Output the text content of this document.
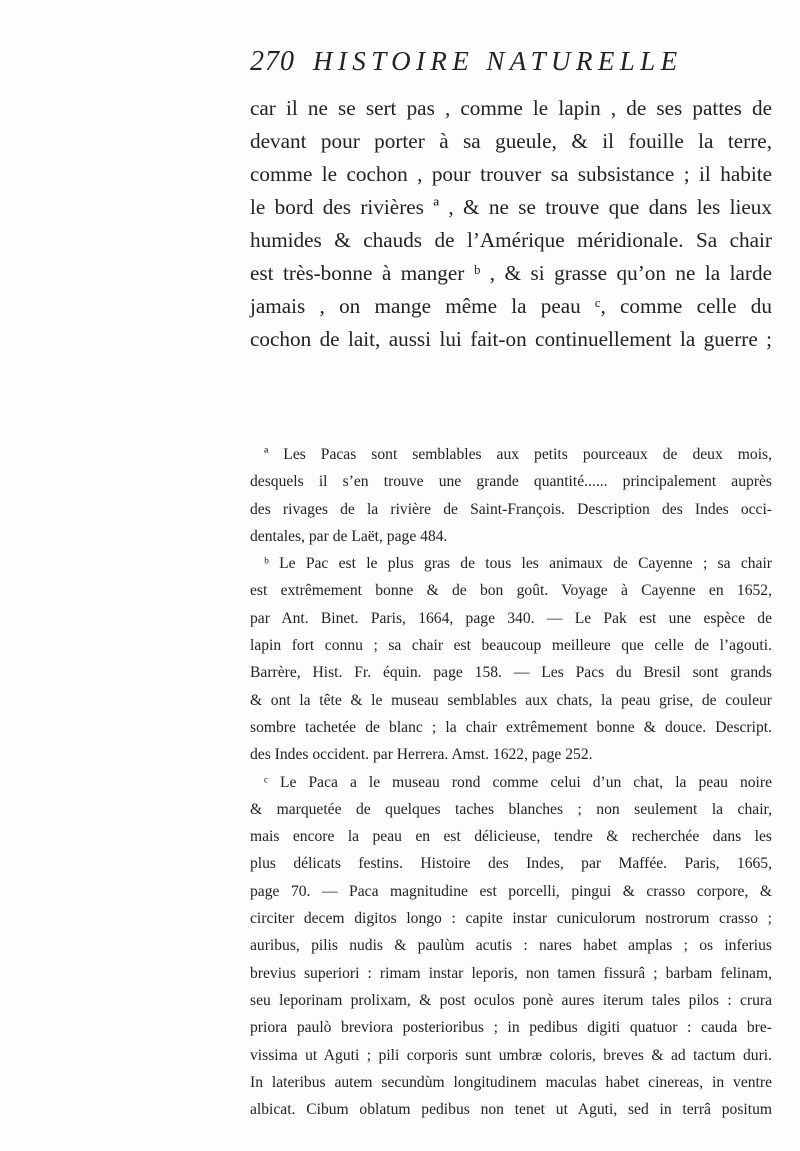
270 HISTOIRE NATURELLE
car il ne se sert pas , comme le lapin , de ses pattes de
devant pour porter à sa gueule, & il fouille la terre,
comme le cochon , pour trouver sa subsistance ; il habite
le bord des rivières ª , & ne se trouve que dans les lieux
humides & chauds de l’Amérique méridionale. Sa chair
est très-bonne à manger ᵇ , & si grasse qu’on ne la larde
jamais , on mange même la peau ᶜ, comme celle du
cochon de lait, aussi lui fait-on continuellement la guerre ;
ª Les Pacas sont semblables aux petits pourceaux de deux mois,
desquels il s’en trouve une grande quantité...... principalement auprès
des rivages de la rivière de Saint-François. Description des Indes occi-
dentales, par de Laët, page 484.
ᵇ Le Pac est le plus gras de tous les animaux de Cayenne ; sa chair
est extrêmement bonne & de bon goût. Voyage à Cayenne en 1652,
par Ant. Binet. Paris, 1664, page 340. — Le Pak est une espèce de
lapin fort connu ; sa chair est beaucoup meilleure que celle de l’agouti.
Barrère, Hist. Fr. équin. page 158. — Les Pacs du Bresil sont grands
& ont la tête & le museau semblables aux chats, la peau grise, de couleur
sombre tachetée de blanc ; la chair extrêmement bonne & douce. Descript.
des Indes occident. par Herrera. Amst. 1622, page 252.
ᶜ Le Paca a le museau rond comme celui d’un chat, la peau noire
& marquetée de quelques taches blanches ; non seulement la chair,
mais encore la peau en est délicieuse, tendre & recherchée dans les
plus délicats festins. Histoire des Indes, par Maffée. Paris, 1665,
page 70. — Paca magnitudine est porcelli, pingui & crasso corpore, &
circiter decem digitos longo : capite instar cuniculorum nostrorum crasso ;
auribus, pilis nudis & paulùm acutis : nares habet amplas ; os inferius
brevius superiori : rimam instar leporis, non tamen fissurâ ; barbam felinam,
seu leporinam prolixam, & post oculos ponè aures iterum tales pilos : crura
priora paulò breviora posterioribus ; in pedibus digiti quatuor : cauda bre-
vissima ut Aguti ; pili corporis sunt umbræ coloris, breves & ad tactum duri.
In lateribus autem secundùm longitudinem maculas habet cinereas, in ventre
albicat. Cibum oblatum pedibus non tenet ut Aguti, sed in terrâ positum
